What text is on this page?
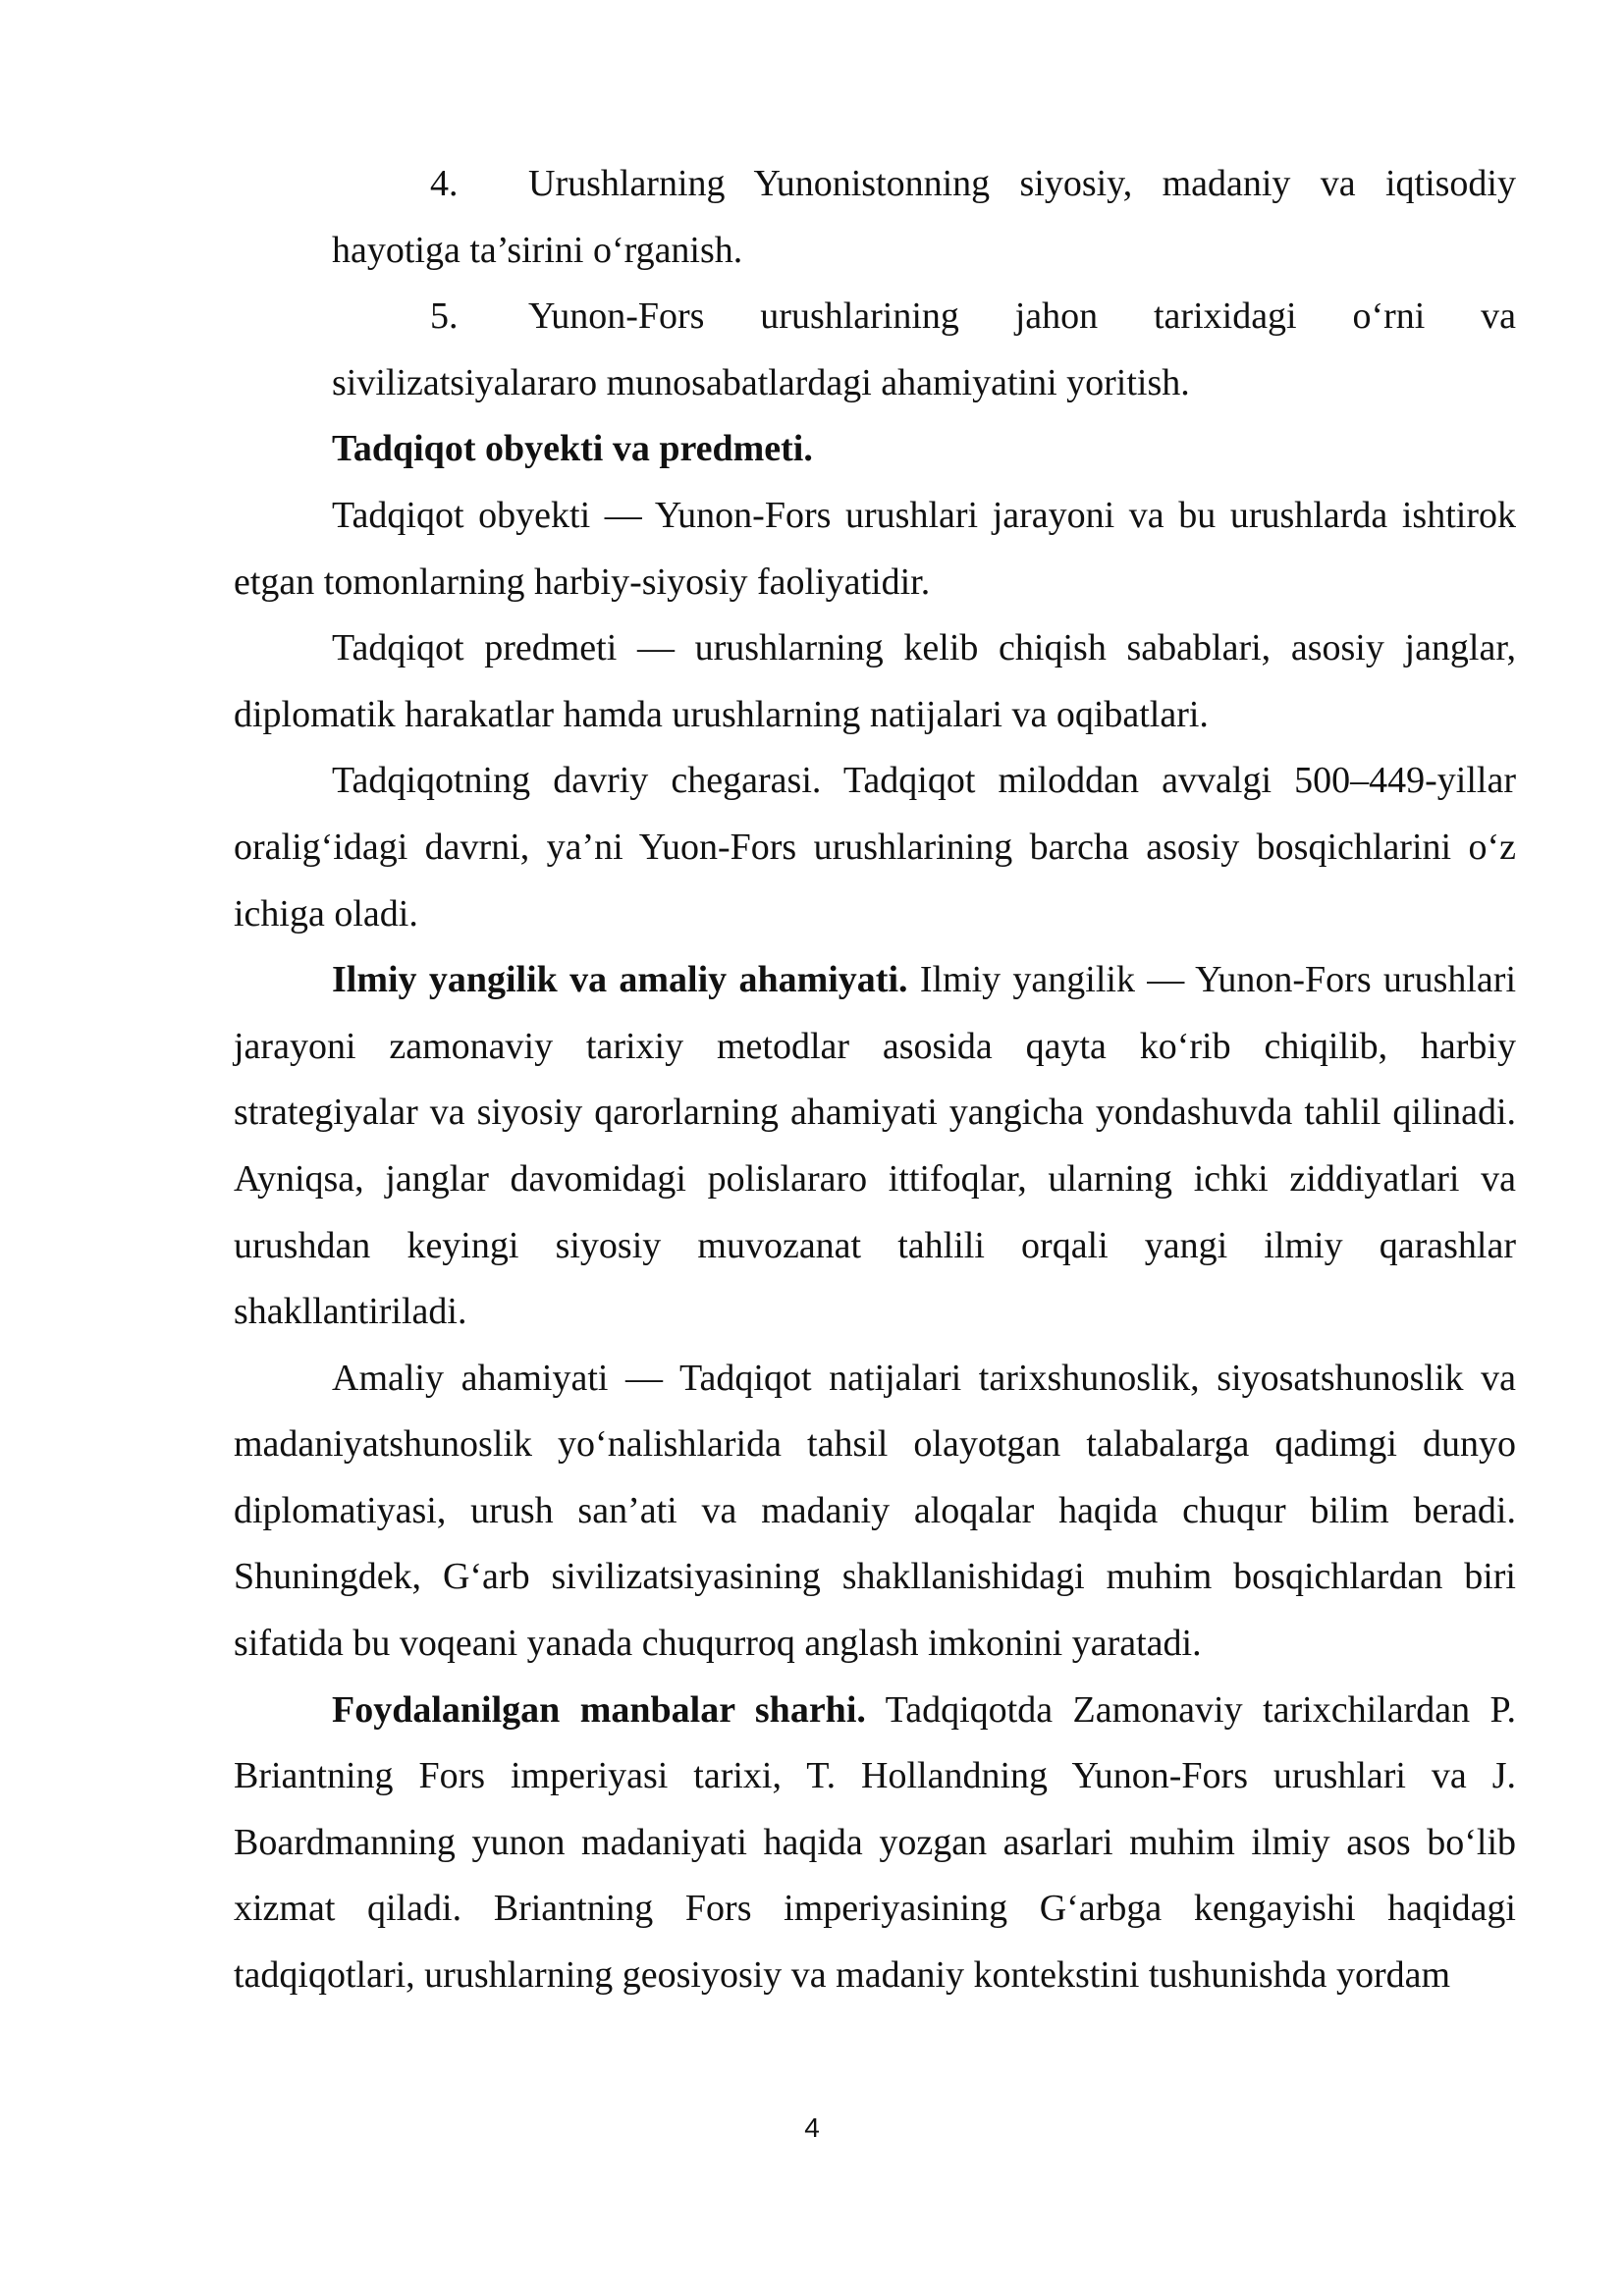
4. Urushlarning Yunonistonning siyosiy, madaniy va iqtisodiy hayotiga ta’sirini o‘rganish.

5. Yunon-Fors urushlarining jahon tarixidagi o‘rni va sivilizatsiyalararo munosabatlardagi ahamiyatini yoritish.

Tadqiqot obyekti va predmeti.

Tadqiqot obyekti — Yunon-Fors urushlari jarayoni va bu urushlarda ishtirok etgan tomonlarning harbiy-siyosiy faoliyatidir.

Tadqiqot predmeti — urushlarning kelib chiqish sabablari, asosiy janglar, diplomatik harakatlar hamda urushlarning natijalari va oqibatlari.

Tadqiqotning davriy chegarasi. Tadqiqot miloddan avvalgi 500–449-yillar oralig‘idagi davrni, ya’ni Yuon-Fors urushlarining barcha asosiy bosqichlarini o‘z ichiga oladi.

Ilmiy yangilik va amaliy ahamiyati. Ilmiy yangilik — Yunon-Fors urushlari jarayoni zamonaviy tarixiy metodlar asosida qayta ko‘rib chiqilib, harbiy strategiyalar va siyosiy qarorlarning ahamiyati yangicha yondashuvda tahlil qilinadi. Ayniqsa, janglar davomidagi polislararo ittifoqlar, ularning ichki ziddiyatlari va urushdan keyingi siyosiy muvozanat tahlili orqali yangi ilmiy qarashlar shakllantiriladi.

Amaliy ahamiyati — Tadqiqot natijalari tarixshunoslik, siyosatshunoslik va madaniyatshunoslik yo‘nalishlarida tahsil olayotgan talabalarga qadimgi dunyo diplomatiyasi, urush san’ati va madaniy aloqalar haqida chuqur bilim beradi. Shuningdek, G‘arb sivilizatsiyasining shakllanishidagi muhim bosqichlardan biri sifatida bu voqeani yanada chuqurroq anglash imkonini yaratadi.

Foydalanilgan manbalar sharhi. Tadqiqotda Zamonaviy tarixchilardan P. Briantning Fors imperiyasi tarixi, T. Hollandning Yunon-Fors urushlari va J. Boardmanning yunon madaniyati haqida yozgan asarlari muhim ilmiy asos bo‘lib xizmat qiladi. Briantning Fors imperiyasining G‘arbga kengayishi haqidagi tadqiqotlari, urushlarning geosiyosiy va madaniy kontekstini tushunishda yordam

4
